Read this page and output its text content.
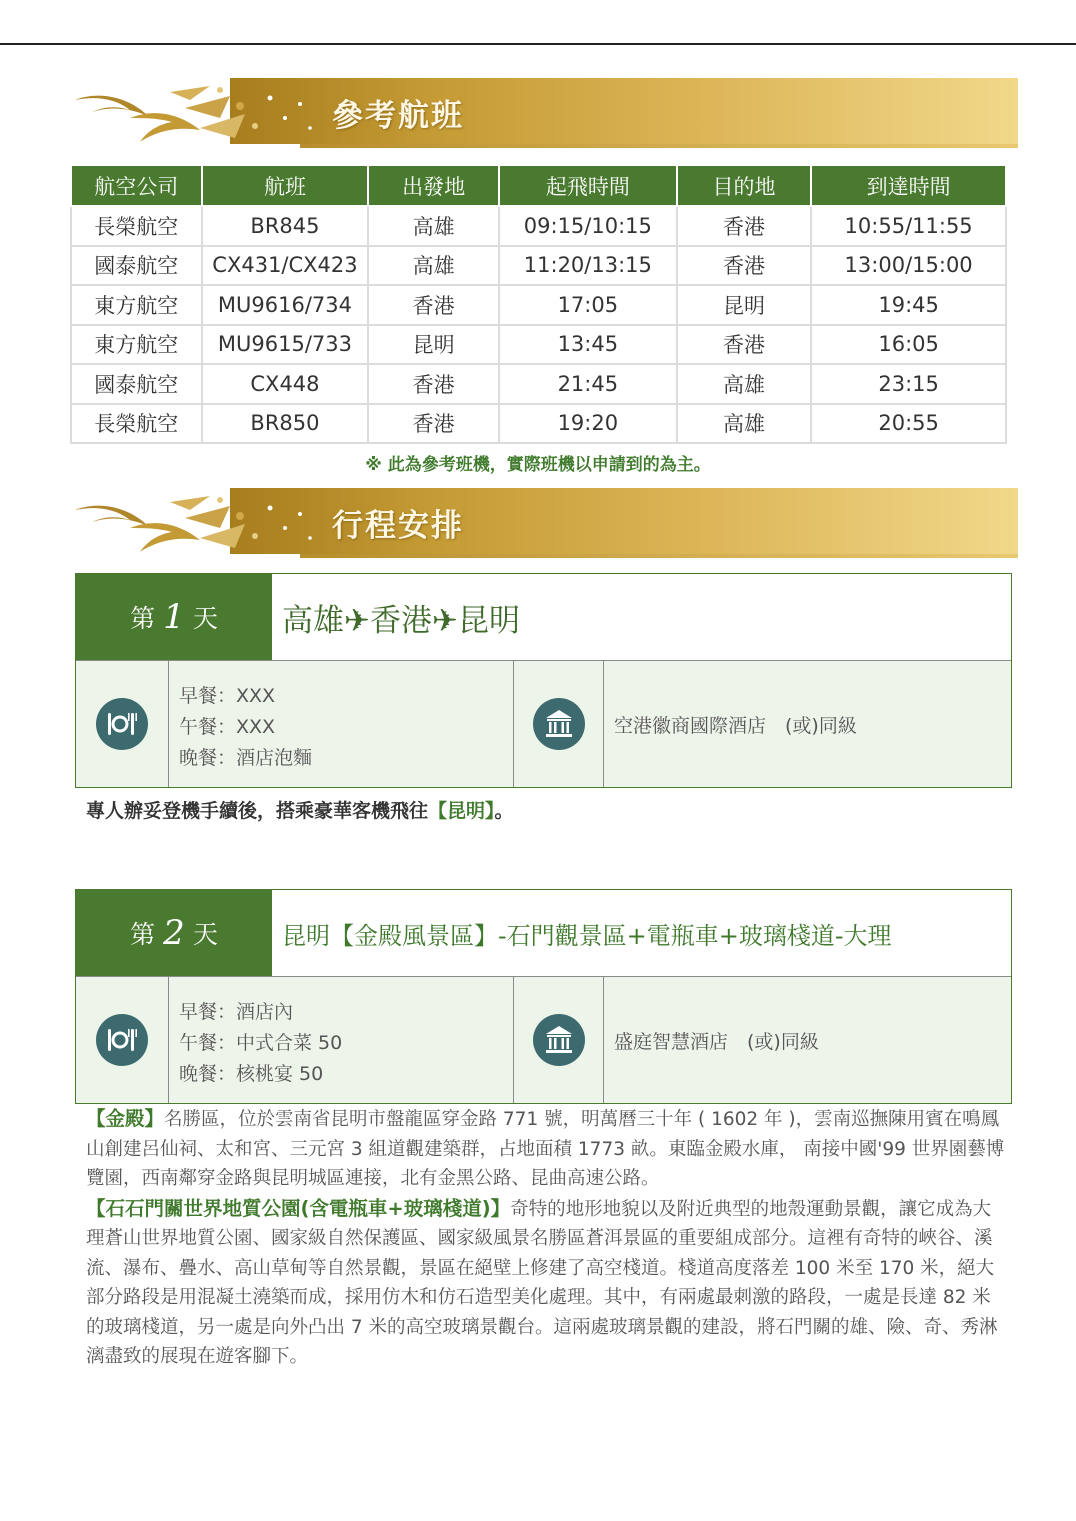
參考航班
航空公司	航班	出發地	起飛時間	目的地	到達時間
長榮航空	BR845	高雄	09:15/10:15	香港	10:55/11:55
國泰航空	CX431/CX423	高雄	11:20/13:15	香港	13:00/15:00
東方航空	MU9616/734	香港	17:05	昆明	19:45
東方航空	MU9615/733	昆明	13:45	香港	16:05
國泰航空	CX448	香港	21:45	高雄	23:15
長榮航空	BR850	香港	19:20	高雄	20:55
※ 此為參考班機，實際班機以申請到的為主。
行程安排
第 1 天	高雄✈香港✈昆明
早餐：XXX
午餐：XXX
晚餐：酒店泡麵
空港徽商國際酒店　(或)同級
專人辦妥登機手續後，搭乘豪華客機飛往【昆明】。
第 2 天	昆明【金殿風景區】-石門觀景區+電瓶車+玻璃棧道-大理
早餐：酒店內
午餐：中式合菜 50
晚餐：核桃宴 50
盛庭智慧酒店　(或)同級

【金殿】名勝區，位於雲南省昆明市盤龍區穿金路 771 號，明萬曆三十年 ( 1602 年 )，雲南巡撫陳用賓在鳴鳳山創建呂仙祠、太和宮、三元宮 3 組道觀建築群，占地面積 1773 畝。東臨金殿水庫， 南接中國'99 世界園藝博覽園，西南鄰穿金路與昆明城區連接，北有金黑公路、昆曲高速公路。

【石石門關世界地質公園(含電瓶車+玻璃棧道)】奇特的地形地貌以及附近典型的地殼運動景觀，讓它成為大理蒼山世界地質公園、國家級自然保護區、國家級風景名勝區蒼洱景區的重要組成部分。這裡有奇特的峽谷、溪流、瀑布、疊水、高山草甸等自然景觀，景區在絕壁上修建了高空棧道。棧道高度落差 100 米至 170 米，絕大部分路段是用混凝土澆築而成，採用仿木和仿石造型美化處理。其中，有兩處最刺激的路段，一處是長達 82 米的玻璃棧道，另一處是向外凸出 7 米的高空玻璃景觀台。這兩處玻璃景觀的建設，將石門關的雄、險、奇、秀淋漓盡致的展現在遊客腳下。
